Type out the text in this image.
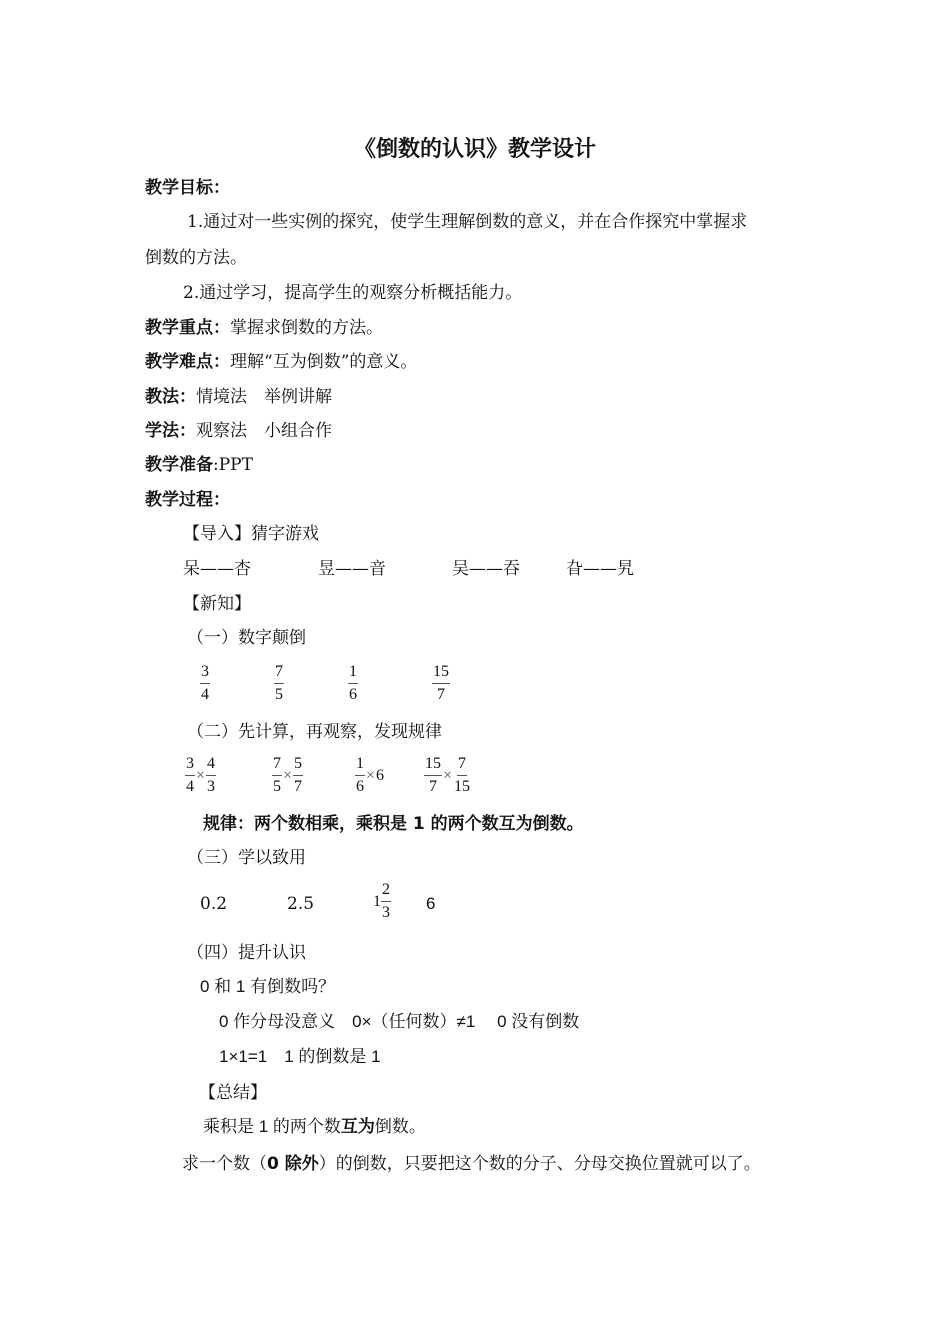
《倒数的认识》教学设计
教学目标：
1.通过对一些实例的探究，使学生理解倒数的意义，并在合作探究中掌握求
倒数的方法。
2.通过学习，提高学生的观察分析概括能力。
教学重点：掌握求倒数的方法。
教学难点：理解“互为倒数”的意义。
教法：情境法　举例讲解
学法：观察法　小组合作
教学准备:PPT
教学过程：
【导入】猜字游戏
呆——杏	昱——音	吴——吞	旮——旯
【新知】
（一）数字颠倒
$\frac{3}{4}$	$\frac{7}{5}$	$\frac{1}{6}$	$\frac{15}{7}$
（二）先计算，再观察，发现规律
$\frac{3}{4} \times \frac{4}{3}$	$\frac{7}{5} \times \frac{5}{7}$	$\frac{1}{6} \times 6 \frac{15}{7} \times \frac{7}{15}$
规律：两个数相乘，乘积是 1 的两个数互为倒数。
（三）学以致用
0.2	2.5	$1 \frac{2}{3} 6$
（四）提升认识
0 和 1 有倒数吗？
0 作分母没意义　0×（任何数）≠1　 0 没有倒数
1×1=1　1 的倒数是 1
【总结】
乘积是 1 的两个数互为倒数。
求一个数（0 除外）的倒数，只要把这个数的分子、分母交换位置就可以了。
